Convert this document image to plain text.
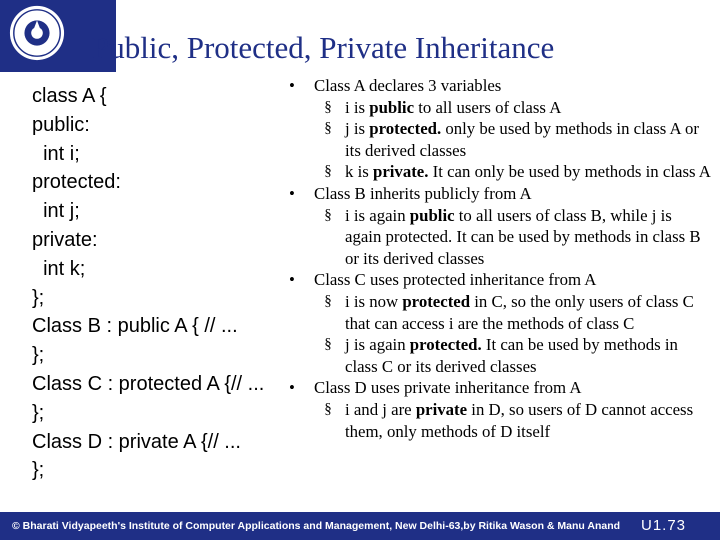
Public, Protected, Private Inheritance
class A {
public:
int i;
protected:
int j;
private:
int k;
};
Class B : public A { // ...
};
Class C : protected A {// ...
};
Class D : private A {// ...
};
•	Class A declares 3 variables
§ i is public to all users of class A
§ j is protected. only be used by methods in class A or its derived classes
§ k is private. It can only be used by methods in class A
•	Class B inherits publicly from A
§ i is again public to all users of class B, while j is again protected. It can be used by methods in class B or its derived classes
•	Class C uses protected inheritance from A
§ i is now protected in C, so the only users of class C that can access i are the methods of class C
§ j is again protected. It can be used by methods in class C or its derived classes
•	Class D uses private inheritance from A
§ i and j are private in D, so users of D cannot access them, only methods of D itself
© Bharati Vidyapeeth's Institute of Computer Applications and Management, New Delhi-63,by Ritika Wason & Manu Anand U1.73
